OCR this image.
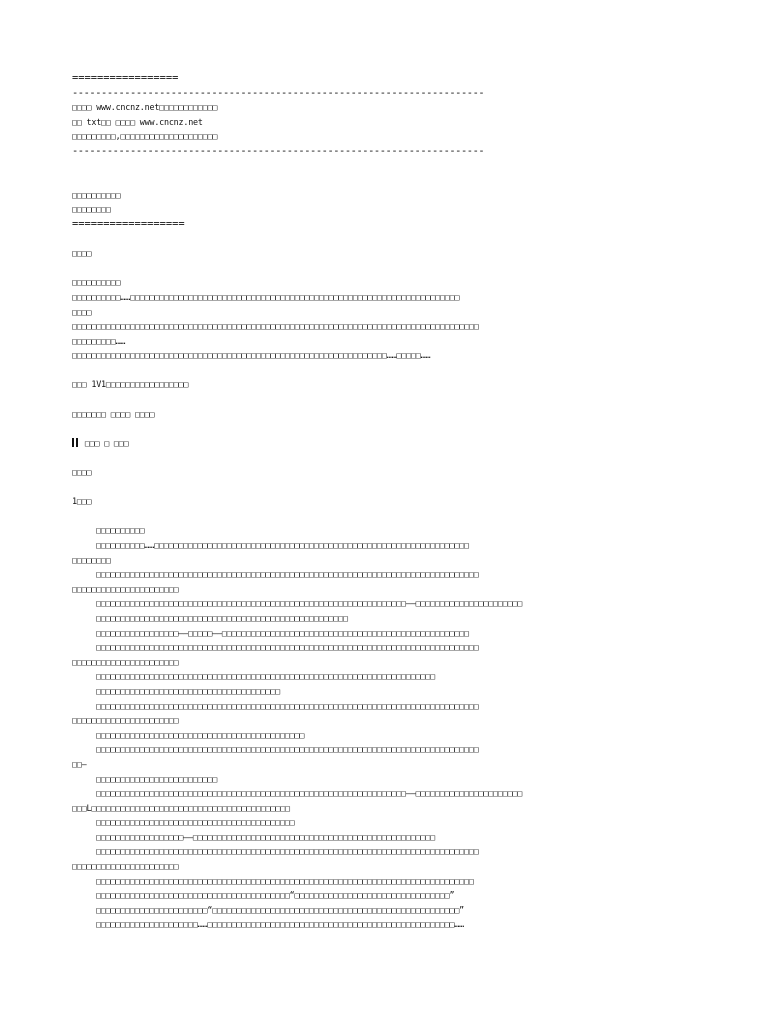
=================
-----------------------------------------------------------------------
□□□□ www.cncnz.net□□□□□□□□□□□□
□□ txt□□ □□□□ www.cncnz.net
□□□□□□□□□,□□□□□□□□□□□□□□□□□□□□
-----------------------------------------------------------------------
□□□□□□□□□□
□□□□□□□□
==================
□□□□
□□□□□□□□□□
□□□□□□□□□□……□□□□□□□□□□□□□□□□□□□□□□□□□□□□□□□□□□□□□□□□□□□□□□□□□□□□□□□□□□□□□□□□□□□□
□□□□
□□□□□□□□□□□□□□□□□□□□□□□□□□□□□□□□□□□□□□□□□□□□□□□□□□□□□□□□□□□□□□□□□□□□□□□□□□□□□□□□□□□□
□□□□□□□□□……
□□□□□□□□□□□□□□□□□□□□□□□□□□□□□□□□□□□□□□□□□□□□□□□□□□□□□□□□□□□□□□□□□……□□□□□……
□□□ 1V1□□□□□□□□□□□□□□□□□
□□□□□□□ □□□□ □□□□
□□□ □ □□□
□□□□
1□□□
□□□□□□□□□□
□□□□□□□□□□……□□□□□□□□□□□□□□□□□□□□□□□□□□□□□□□□□□□□□□□□□□□□□□□□□□□□□□□□□□□□□□□□□
□□□□□□□□
□□□□□□□□□□□□□□□□□□□□□□□□□□□□□□□□□□□□□□□□□□□□□□□□□□□□□□□□□□□□□□□□□□□□□□□□□□□□□□□
□□□□□□□□□□□□□□□□□□□□□□
□□□□□□□□□□□□□□□□□□□□□□□□□□□□□□□□□□□□□□□□□□□□□□□□□□□□□□□□□□□□□□□□——□□□□□□□□□□□□□□□□□□□□□□
□□□□□□□□□□□□□□□□□□□□□□□□□□□□□□□□□□□□□□□□□□□□□□□□□□□□
□□□□□□□□□□□□□□□□□——□□□□□——□□□□□□□□□□□□□□□□□□□□□□□□□□□□□□□□□□□□□□□□□□□□□□□□□□□
□□□□□□□□□□□□□□□□□□□□□□□□□□□□□□□□□□□□□□□□□□□□□□□□□□□□□□□□□□□□□□□□□□□□□□□□□□□□□□□
□□□□□□□□□□□□□□□□□□□□□□
□□□□□□□□□□□□□□□□□□□□□□□□□□□□□□□□□□□□□□□□□□□□□□□□□□□□□□□□□□□□□□□□□□□□□□
□□□□□□□□□□□□□□□□□□□□□□□□□□□□□□□□□□□□□□
□□□□□□□□□□□□□□□□□□□□□□□□□□□□□□□□□□□□□□□□□□□□□□□□□□□□□□□□□□□□□□□□□□□□□□□□□□□□□□□
□□□□□□□□□□□□□□□□□□□□□□
□□□□□□□□□□□□□□□□□□□□□□□□□□□□□□□□□□□□□□□□□□□
□□□□□□□□□□□□□□□□□□□□□□□□□□□□□□□□□□□□□□□□□□□□□□□□□□□□□□□□□□□□□□□□□□□□□□□□□□□□□□□
□□—
□□□□□□□□□□□□□□□□□□□□□□□□□
□□□□□□□□□□□□□□□□□□□□□□□□□□□□□□□□□□□□□□□□□□□□□□□□□□□□□□□□□□□□□□□□——□□□□□□□□□□□□□□□□□□□□□□
□□□L□□□□□□□□□□□□□□□□□□□□□□□□□□□□□□□□□□□□□□□□□
□□□□□□□□□□□□□□□□□□□□□□□□□□□□□□□□□□□□□□□□□
□□□□□□□□□□□□□□□□□□——□□□□□□□□□□□□□□□□□□□□□□□□□□□□□□□□□□□□□□□□□□□□□□□□□□
□□□□□□□□□□□□□□□□□□□□□□□□□□□□□□□□□□□□□□□□□□□□□□□□□□□□□□□□□□□□□□□□□□□□□□□□□□□□□□□
□□□□□□□□□□□□□□□□□□□□□□
□□□□□□□□□□□□□□□□□□□□□□□□□□□□□□□□□□□□□□□□□□□□□□□□□□□□□□□□□□□□□□□□□□□□□□□□□□□□□□
□□□□□□□□□□□□□□□□□□□□□□□□□□□□□□□□□□□□□□□□“□□□□□□□□□□□□□□□□□□□□□□□□□□□□□□□□”
□□□□□□□□□□□□□□□□□□□□□□□“□□□□□□□□□□□□□□□□□□□□□□□□□□□□□□□□□□□□□□□□□□□□□□□□□□□”
□□□□□□□□□□□□□□□□□□□□□……□□□□□□□□□□□□□□□□□□□□□□□□□□□□□□□□□□□□□□□□□□□□□□□□□□□……
